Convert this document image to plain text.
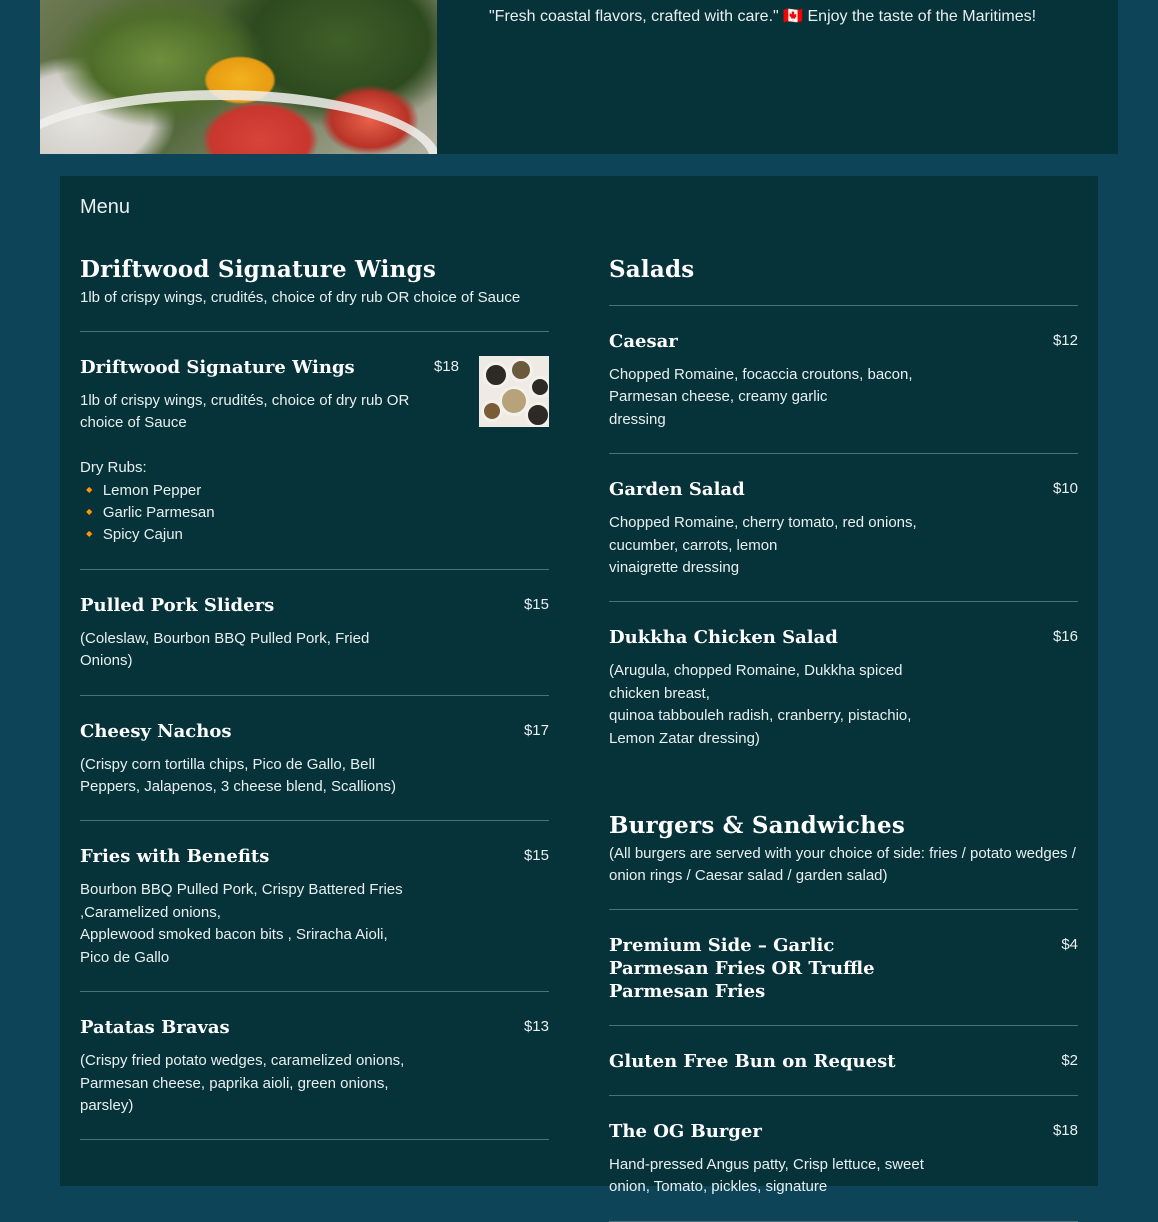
"Fresh coastal flavors, crafted with care." 🇨🇦 Enjoy the taste of the Maritimes!
Menu
Driftwood Signature Wings
1lb of crispy wings, crudités, choice of dry rub OR choice of Sauce
Driftwood Signature Wings	$18
1lb of crispy wings, crudités, choice of dry rub OR choice of Sauce

Dry Rubs:
🔸 Lemon Pepper
🔸 Garlic Parmesan
🔸 Spicy Cajun
Pulled Pork Sliders	$15
(Coleslaw, Bourbon BBQ Pulled Pork, Fried Onions)
Cheesy Nachos	$17
(Crispy corn tortilla chips, Pico de Gallo, Bell Peppers, Jalapenos, 3 cheese blend, Scallions)
Fries with Benefits	$15
Bourbon BBQ Pulled Pork, Crispy Battered Fries ,Caramelized onions,
Applewood smoked bacon bits , Sriracha Aioli, Pico de Gallo
Patatas Bravas	$13
(Crispy fried potato wedges, caramelized onions, Parmesan cheese, paprika aioli, green onions, parsley)
Salads
Caesar	$12
Chopped Romaine, focaccia croutons, bacon, Parmesan cheese, creamy garlic
dressing
Garden Salad	$10
Chopped Romaine, cherry tomato, red onions, cucumber, carrots, lemon
vinaigrette dressing
Dukkha Chicken Salad	$16
(Arugula, chopped Romaine, Dukkha spiced chicken breast,
quinoa tabbouleh radish, cranberry, pistachio, Lemon Zatar dressing)
Burgers & Sandwiches
(All burgers are served with your choice of side: fries / potato wedges /
onion rings / Caesar salad / garden salad)
Premium Side – Garlic Parmesan Fries OR Truffle Parmesan Fries
$4
Gluten Free Bun on Request	$2
The OG Burger	$18
Hand-pressed Angus patty, Crisp lettuce, sweet onion, Tomato, pickles, signature
